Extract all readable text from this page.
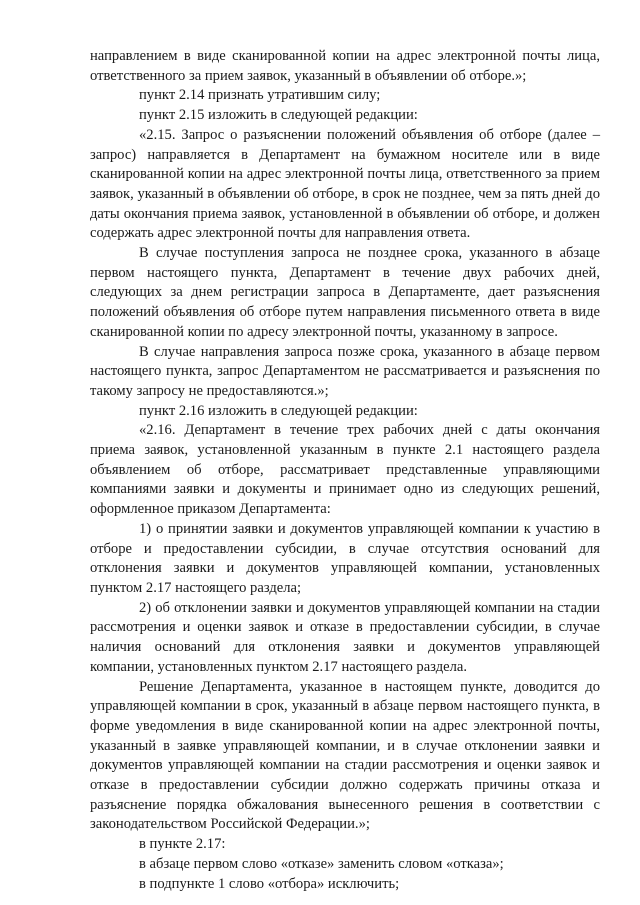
направлением в виде сканированной копии на адрес электронной почты лица, ответственного за прием заявок, указанный в объявлении об отборе.»;

пункт 2.14 признать утратившим силу;

пункт 2.15 изложить в следующей редакции:

«2.15. Запрос о разъяснении положений объявления об отборе (далее – запрос) направляется в Департамент на бумажном носителе или в виде сканированной копии на адрес электронной почты лица, ответственного за прием заявок, указанный в объявлении об отборе, в срок не позднее, чем за пять дней до даты окончания приема заявок, установленной в объявлении об отборе, и должен содержать адрес электронной почты для направления ответа.

В случае поступления запроса не позднее срока, указанного в абзаце первом настоящего пункта, Департамент в течение двух рабочих дней, следующих за днем регистрации запроса в Департаменте, дает разъяснения положений объявления об отборе путем направления письменного ответа в виде сканированной копии по адресу электронной почты, указанному в запросе.

В случае направления запроса позже срока, указанного в абзаце первом настоящего пункта, запрос Департаментом не рассматривается и разъяснения по такому запросу не предоставляются.»;

пункт 2.16 изложить в следующей редакции:

«2.16. Департамент в течение трех рабочих дней с даты окончания приема заявок, установленной указанным в пункте 2.1 настоящего раздела объявлением об отборе, рассматривает представленные управляющими компаниями заявки и документы и принимает одно из следующих решений, оформленное приказом Департамента:

1) о принятии заявки и документов управляющей компании к участию в отборе и предоставлении субсидии, в случае отсутствия оснований для отклонения заявки и документов управляющей компании, установленных пунктом 2.17 настоящего раздела;

2) об отклонении заявки и документов управляющей компании на стадии рассмотрения и оценки заявок и отказе в предоставлении субсидии, в случае наличия оснований для отклонения заявки и документов управляющей компании, установленных пунктом 2.17 настоящего раздела.

Решение Департамента, указанное в настоящем пункте, доводится до управляющей компании в срок, указанный в абзаце первом настоящего пункта, в форме уведомления в виде сканированной копии на адрес электронной почты, указанный в заявке управляющей компании, и в случае отклонении заявки и документов управляющей компании на стадии рассмотрения и оценки заявок и отказе в предоставлении субсидии должно содержать причины отказа и разъяснение порядка обжалования вынесенного решения в соответствии с законодательством Российской Федерации.»;

в пункте 2.17:

в абзаце первом слово «отказе» заменить словом «отказа»;

в подпункте 1 слово «отбора» исключить;
